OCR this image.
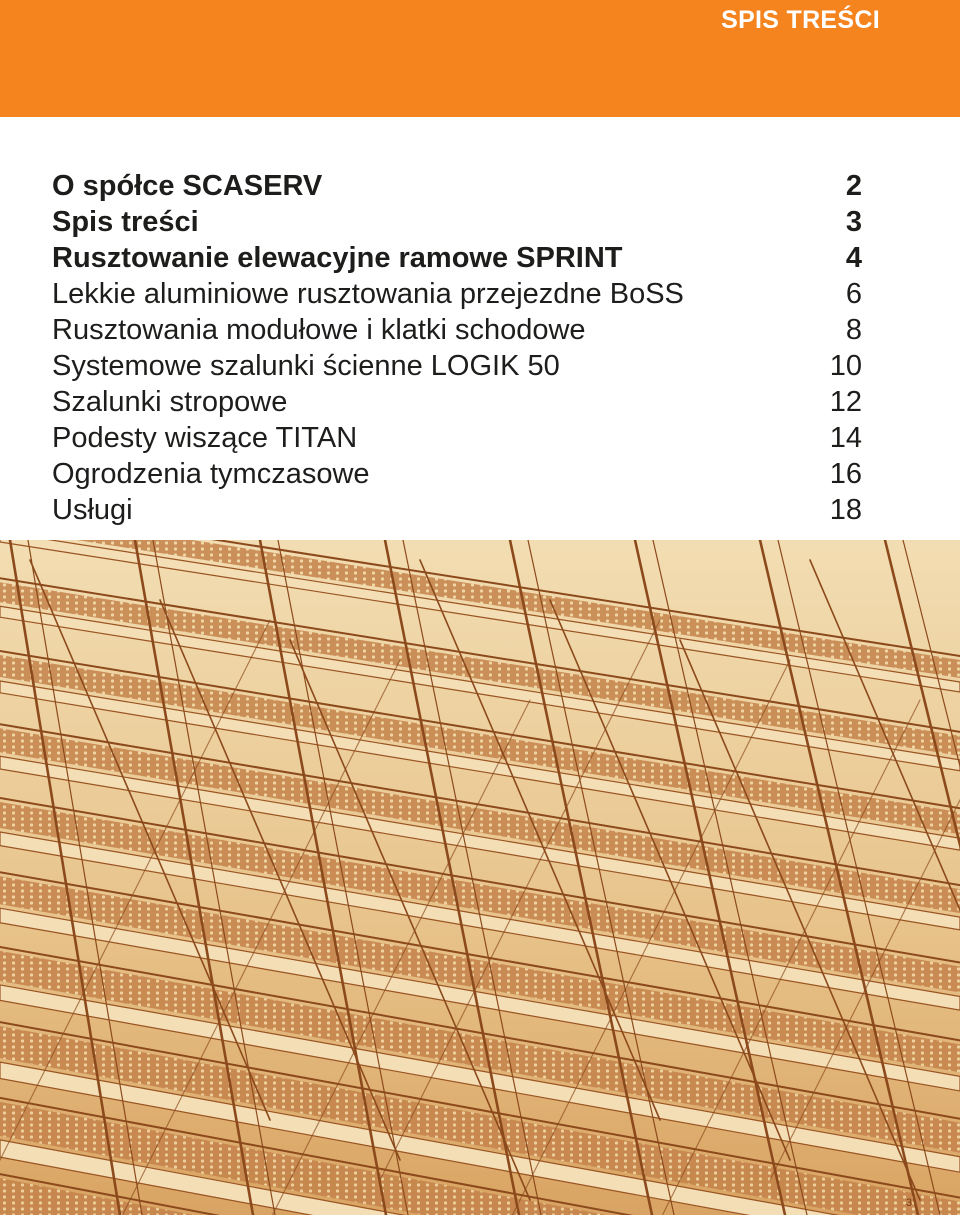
SPIS TREŚCI
O spółce SCASERV	2
Spis treści	3
Rusztowanie elewacyjne ramowe SPRINT	4
Lekkie aluminiowe rusztowania przejezdne BoSS	6
Rusztowania modułowe i klatki schodowe	8
Systemowe szalunki ścienne LOGIK 50	10
Szalunki stropowe	12
Podesty wiszące TITAN	14
Ogrodzenia tymczasowe	16
Usługi	18
3
